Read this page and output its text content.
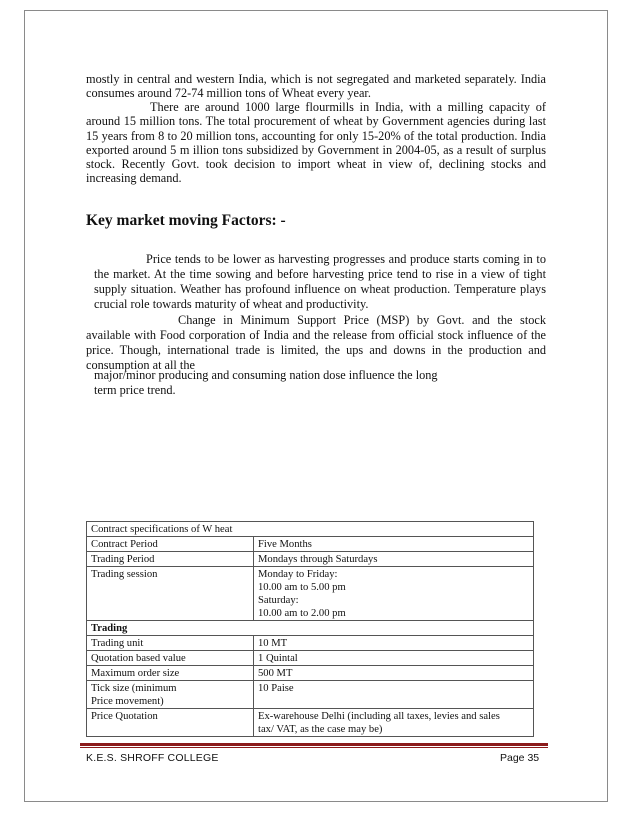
mostly in central and western India, which is not segregated and marketed separately. India consumes around 72-74 million tons of Wheat every year.

There are around 1000 large flourmills in India, with a milling capacity of around 15 million tons. The total procurement of wheat by Government agencies during last 15 years from 8 to 20 million tons, accounting for only 15-20% of the total production. India exported around 5 m illion tons subsidized by Government in 2004-05, as a result of surplus stock. Recently Govt. took decision to import wheat in view of, declining stocks and increasing demand.

Key market moving Factors: -

Price tends to be lower as harvesting progresses and produce starts coming in to the market. At the time sowing and before harvesting price tend to rise in a view of tight supply situation. Weather has profound influence on wheat production. Temperature plays crucial role towards maturity of wheat and productivity.

Change in Minimum Support Price (MSP) by Govt. and the stock available with Food corporation of India and the release from official stock influence of the price. Though, international trade is limited, the ups and downs in the production and consumption at all the

major/minor producing and consuming nation dose influence the long term price trend.

Contract specifications of W heat	
Contract Period	Five Months
Trading Period	Mondays through Saturdays
Trading session	Monday to Friday:
10.00 am to 5.00 pm
Saturday:
10.00 am to 2.00 pm

Trading	
Trading unit	10 MT
Quotation based value	1 Quintal
Maximum order size	500 MT

Tick size (minimum
Price movement)	10 Paise
Price Quotation	Ex-warehouse Delhi (including all taxes, levies and sales
tax/ VAT, as the case may be)
K.E.S. SHROFF COLLEGE	Page 35
